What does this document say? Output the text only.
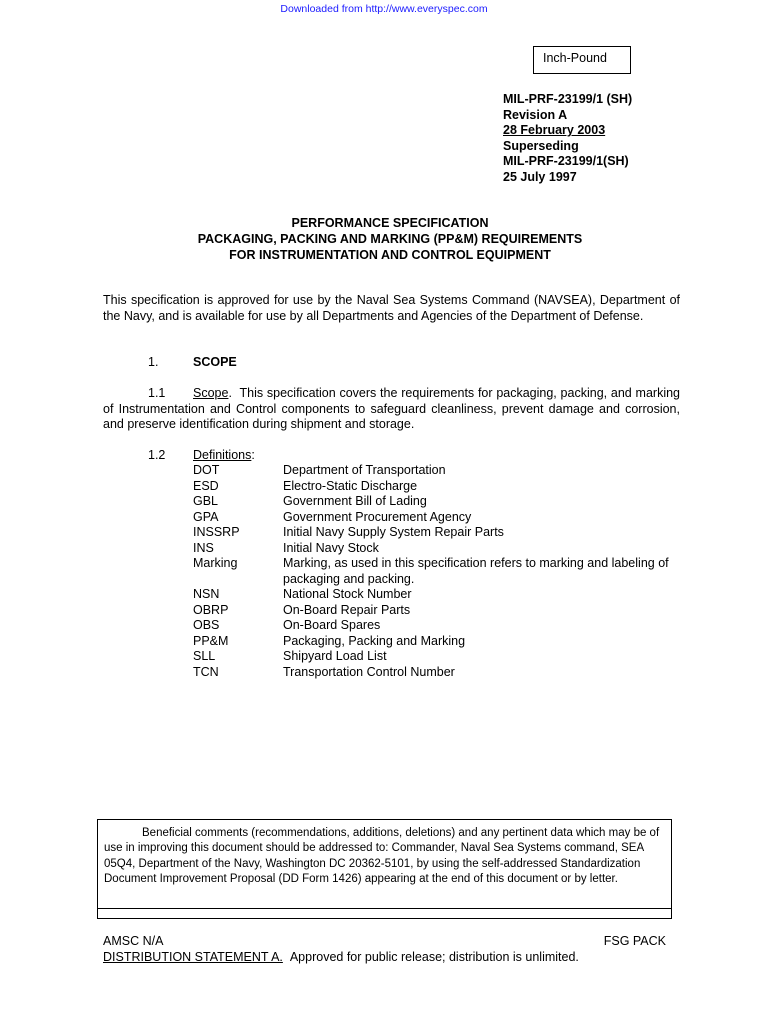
Downloaded from http://www.everyspec.com
Inch-Pound
MIL-PRF-23199/1 (SH)
Revision A
28 February 2003
Superseding
MIL-PRF-23199/1(SH)
25 July 1997
PERFORMANCE SPECIFICATION
PACKAGING, PACKING AND MARKING (PP&M) REQUIREMENTS
FOR INSTRUMENTATION AND CONTROL EQUIPMENT
This specification is approved for use by the Naval Sea Systems Command (NAVSEA), Department of the Navy, and is available for use by all Departments and Agencies of the Department of Defense.
1.	SCOPE
1.1	Scope.  This specification covers the requirements for packaging, packing, and marking of Instrumentation and Control components to safeguard cleanliness, prevent damage and corrosion, and preserve identification during shipment and storage.
1.2 Definitions:
DOT	Department of Transportation
ESD	Electro-Static Discharge
GBL	Government Bill of Lading
GPA	Government Procurement Agency
INSSRP	Initial Navy Supply System Repair Parts
INS	Initial Navy Stock
Marking	Marking, as used in this specification refers to marking and labeling of packaging and packing.
NSN	National Stock Number
OBRP	On-Board Repair Parts
OBS	On-Board Spares
PP&M	Packaging, Packing and Marking
SLL	Shipyard Load List
TCN	Transportation Control Number
Beneficial comments (recommendations, additions, deletions) and any pertinent data which may be of use in improving this document should be addressed to: Commander, Naval Sea Systems command, SEA 05Q4, Department of the Navy, Washington DC 20362-5101, by using the self-addressed Standardization Document Improvement Proposal (DD Form 1426) appearing at the end of this document or by letter.
AMSC N/A	FSG PACK
DISTRIBUTION STATEMENT A. Approved for public release; distribution is unlimited.
